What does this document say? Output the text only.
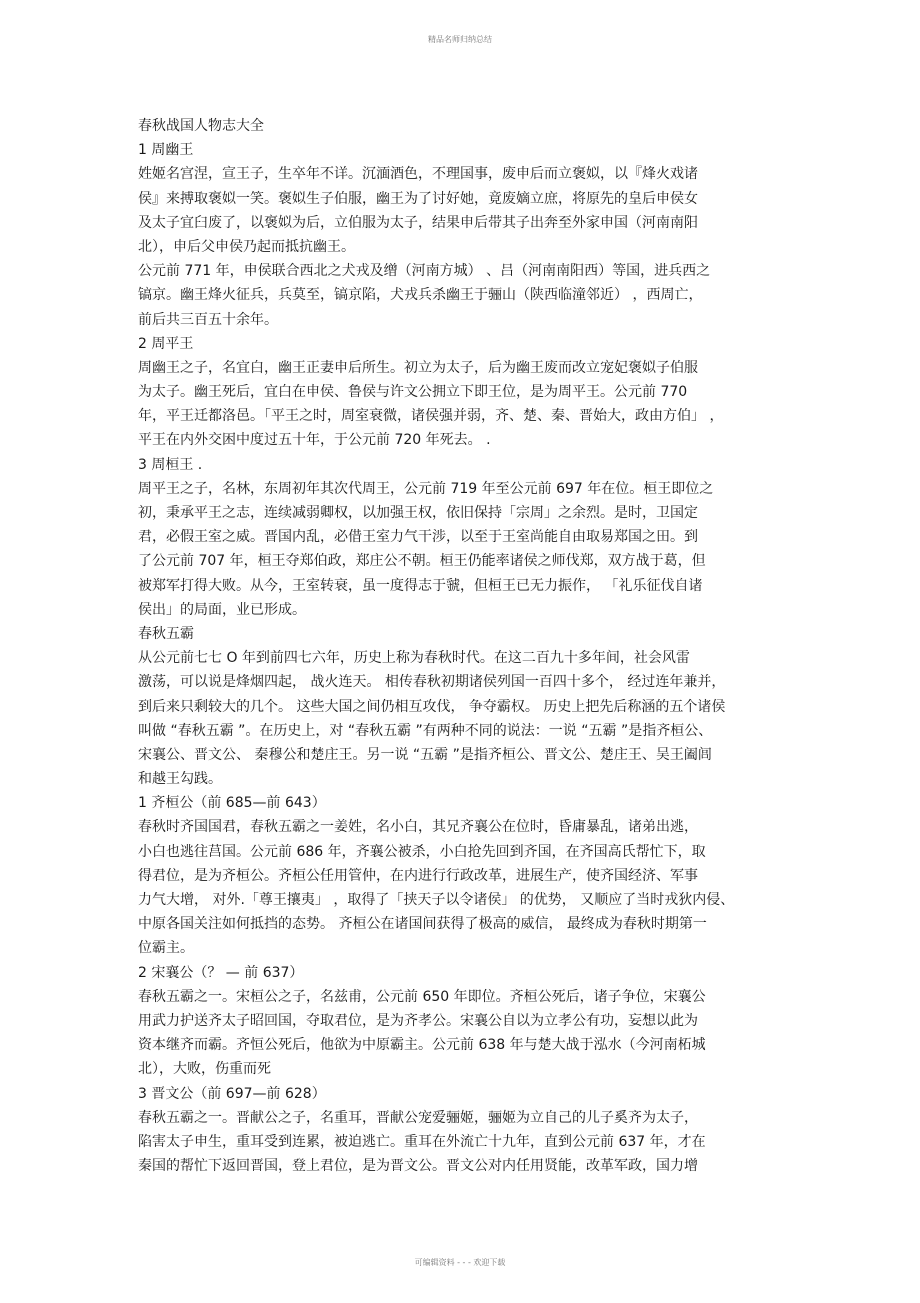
精品名师归纳总结
春秋战国人物志大全
1 周幽王
姓姬名宫涅，宣王子，生卒年不详。沉湎酒色，不理国事，废申后而立褒姒，以『烽火戏诸
侯』来搏取褒姒一笑。褒姒生子伯服，幽王为了讨好她，竟废嫡立庶，将原先的皇后申侯女
及太子宜臼废了，以褒姒为后，立伯服为太子，结果申后带其子出奔至外家申国（河南南阳
北），申后父申侯乃起而抵抗幽王。
公元前 771 年，申侯联合西北之犬戎及缯（河南方城） 、吕（河南南阳西）等国，进兵西之
镐京。幽王烽火征兵，兵莫至，镐京陷，犬戎兵杀幽王于骊山（陕西临潼邻近） ，西周亡，
前后共三百五十余年。
2 周平王
周幽王之子，名宜白，幽王正妻申后所生。初立为太子，后为幽王废而改立宠妃褒姒子伯服
为太子。幽王死后，宜白在申侯、鲁侯与许文公拥立下即王位，是为周平王。公元前 770
年，平王迁都洛邑。「平王之时，周室衰微，诸侯强并弱，齐、楚、秦、晋始大，政由方伯」 ，
平王在内外交困中度过五十年，于公元前 720 年死去。 .
3 周桓王 .
周平王之子，名林，东周初年其次代周王，公元前 719 年至公元前 697 年在位。桓王即位之
初，秉承平王之志，连续减弱卿权，以加强王权，依旧保持「宗周」之余烈。是时，卫国定
君，必假王室之威。晋国内乱，必借王室力气干涉，以至于王室尚能自由取易郑国之田。到
了公元前 707 年，桓王夺郑伯政，郑庄公不朝。桓王仍能率诸侯之师伐郑，双方战于葛，但
被郑军打得大败。从今，王室转衰，虽一度得志于虢，但桓王已无力振作， 「礼乐征伐自诸
侯出」的局面，业已形成。
春秋五霸
从公元前七七 O 年到前四七六年，历史上称为春秋时代。在这二百九十多年间，社会风雷
激荡，可以说是烽烟四起， 战火连天。 相传春秋初期诸侯列国一百四十多个， 经过连年兼并，
到后来只剩较大的几个。 这些大国之间仍相互攻伐， 争夺霸权。 历史上把先后称涵的五个诸侯
叫做 “春秋五霸 ”。在历史上，对 “春秋五霸 ”有两种不同的说法：一说 “五霸 ”是指齐桓公、
宋襄公、晋文公、 秦穆公和楚庄王。另一说 “五霸 ”是指齐桓公、晋文公、楚庄王、吴王阖闾
和越王勾践。
1 齐桓公（前 685—前 643）
春秋时齐国国君，春秋五霸之一姜姓，名小白，其兄齐襄公在位时，昏庸暴乱，诸弟出逃，
小白也逃往莒国。公元前 686 年，齐襄公被杀，小白抢先回到齐国，在齐国高氏帮忙下，取
得君位，是为齐桓公。齐桓公任用管仲，在内进行行政改革，进展生产，使齐国经济、军事
力气大增， 对外.「尊王攘夷」 ，取得了「挟天子以令诸侯」 的优势， 又顺应了当时戎狄内侵、
中原各国关注如何抵挡的态势。 齐桓公在诸国间获得了极高的威信， 最终成为春秋时期第一
位霸主。
2 宋襄公（？ — 前 637）
春秋五霸之一。宋桓公之子，名兹甫，公元前 650 年即位。齐桓公死后，诸子争位，宋襄公
用武力护送齐太子昭回国，夺取君位，是为齐孝公。宋襄公自以为立孝公有功，妄想以此为
资本继齐而霸。齐恒公死后，他欲为中原霸主。公元前 638 年与楚大战于泓水（今河南柘城
北），大败，伤重而死
3 晋文公（前 697—前 628）
春秋五霸之一。晋献公之子，名重耳，晋献公宠爱骊姬，骊姬为立自己的儿子奚齐为太子，
陷害太子申生，重耳受到连累，被迫逃亡。重耳在外流亡十九年，直到公元前 637 年，才在
秦国的帮忙下返回晋国，登上君位，是为晋文公。晋文公对内任用贤能，改革军政，国力增
可编辑资料 - - - 欢迎下载
